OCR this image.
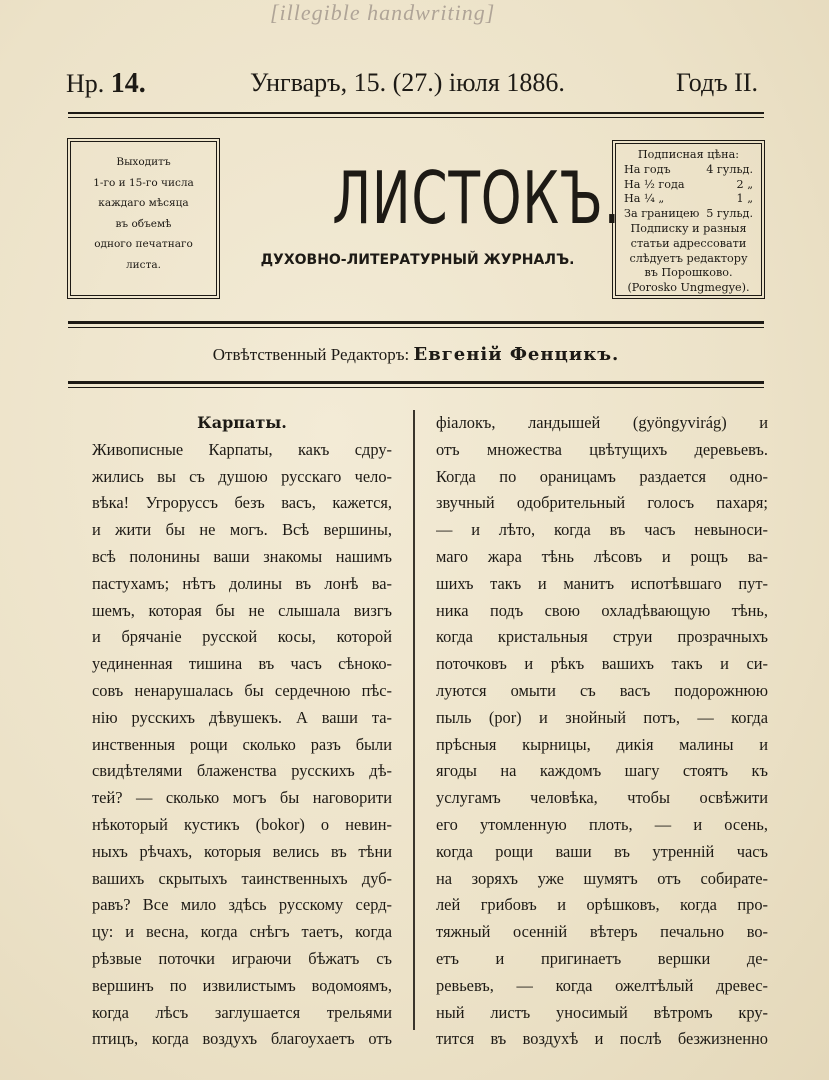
[illegible handwriting]
Нр. 14.	Унгваръ, 15. (27.) іюля 1886.	Годъ II.
Выходитъ
1-го и 15-го числа
каждаго мѣсяца
въ объемѣ
одного печатнаго
листа.
ЛИСТОКЪ.
ДУХОВНО-ЛИТЕРАТУРНЫЙ ЖУРНАЛЪ.
Подписная цѣна:
На годъ	4 гульд.
На ½ года	2 „
На ¼ „	1 „
За границею 5 гульд.
Подписку и разныя
статьи адрессовати
слѣдуетъ редактору
въ Порошково.
(Porosko Ungmegye).
Отвѣтственный Редакторъ: Евгеній Фенцикъ.
Карпаты.
Живописные Карпаты, какъ сдру-
жились вы съ душою русскаго чело-
вѣка! Угроруссъ безъ васъ, кажется,
и жити бы не могъ. Всѣ вершины,
всѣ полонины ваши знакомы нашимъ
пастухамъ; нѣтъ долины въ лонѣ ва-
шемъ, которая бы не слышала визгъ
и брячаніе русской косы, которой
уединенная тишина въ часъ сѣноко-
совъ ненарушалась бы сердечною пѣс-
нію русскихъ дѣвушекъ. А ваши та-
инственныя рощи сколько разъ были
свидѣтелями блаженства русскихъ дѣ-
тей? — сколько могъ бы наговорити
нѣкоторый кустикъ (bokor) о невин-
ныхъ рѣчахъ, которыя велись въ тѣни
вашихъ скрытыхъ таинственныхъ дуб-
равъ? Все мило здѣсь русскому серд-
цу: и весна, когда снѣгъ таетъ, когда
рѣзвые поточки играючи бѣжатъ съ
вершинъ по извилистымъ водомоямъ,
когда лѣсъ заглушается трельями
птицъ, когда воздухъ благоухаетъ отъ
фіалокъ, ландышей (gyöngyvirág) и
отъ множества цвѣтущихъ деревьевъ.
Когда по ораницамъ раздается одно-
звучный одобрительный голосъ пахаря;
— и лѣто, когда въ часъ невыноси-
маго жара тѣнь лѣсовъ и рощъ ва-
шихъ такъ и манитъ испотѣвшаго пут-
ника подъ свою охладѣвающую тѣнь,
когда кристальныя струи прозрачныхъ
поточковъ и рѣкъ вашихъ такъ и си-
луются омыти съ васъ подорожнюю
пыль (por) и знойный потъ, — когда
прѣсныя кырницы, дикія малины и
ягоды на каждомъ шагу стоятъ къ
услугамъ человѣка, чтобы освѣжити
его утомленную плоть, — и осень,
когда рощи ваши въ утренній часъ
на зоряхъ уже шумятъ отъ собирате-
лей грибовъ и орѣшковъ, когда про-
тяжный осенній вѣтеръ печально во-
етъ и пригинаетъ вершки де-
ревьевъ, — когда ожелтѣлый древес-
ный листъ уносимый вѣтромъ кру-
тится въ воздухѣ и послѣ безжизненно
